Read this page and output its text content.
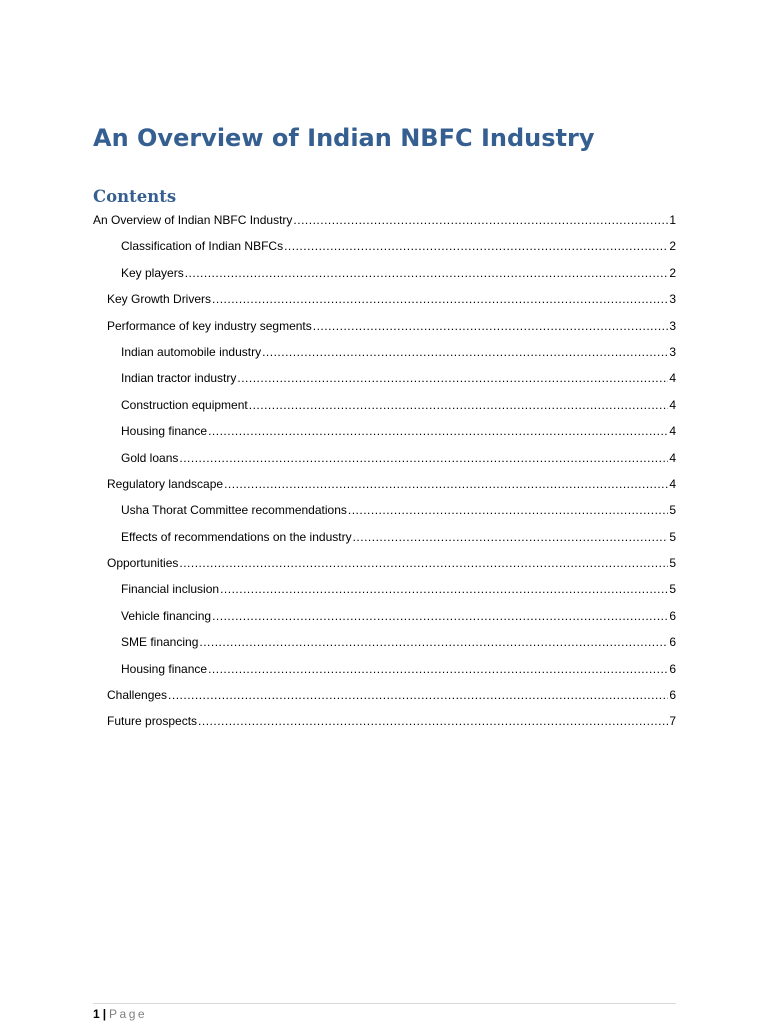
An Overview of Indian NBFC Industry
Contents
An Overview of Indian NBFC Industry .....	1
Classification of Indian NBFCs .....	2
Key players .....	2
Key Growth Drivers .....	3
Performance of key industry segments .....	3
Indian automobile industry .....	3
Indian tractor industry .....	4
Construction equipment .....	4
Housing finance .....	4
Gold loans .....	4
Regulatory landscape .....	4
Usha Thorat Committee recommendations .....	5
Effects of recommendations on the industry .....	5
Opportunities .....	5
Financial inclusion .....	5
Vehicle financing .....	6
SME financing .....	6
Housing finance .....	6
Challenges .....	6
Future prospects .....	7
1 | Page
